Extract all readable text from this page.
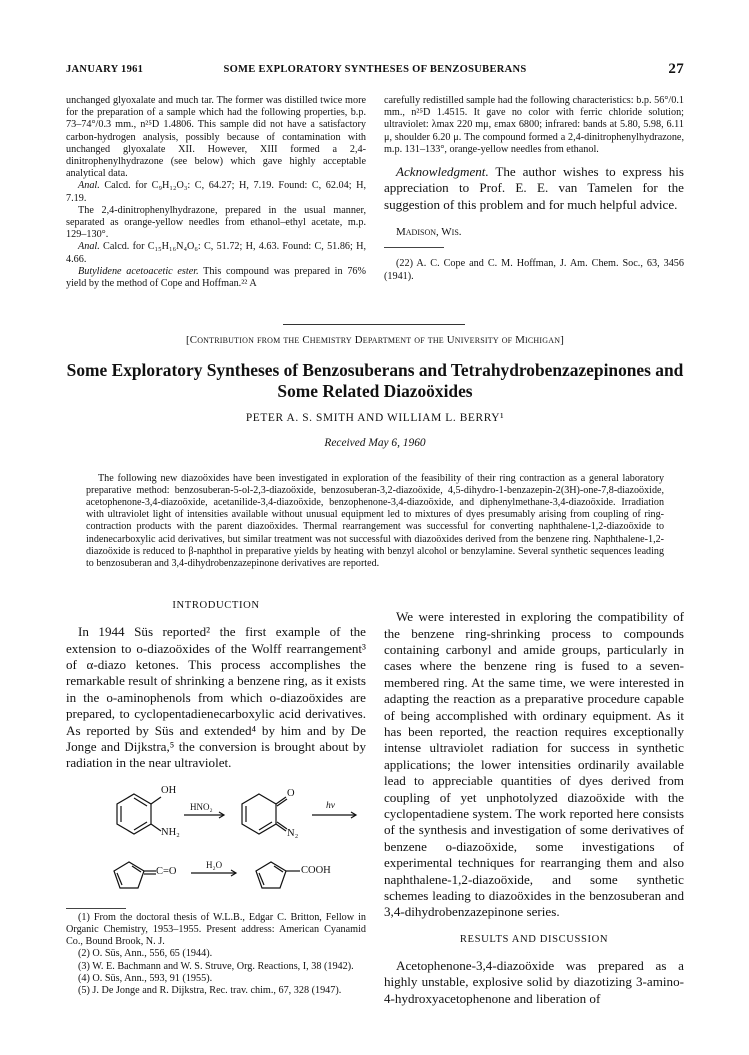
JANUARY 1961	SOME EXPLORATORY SYNTHESES OF BENZOSUBERANS	27

unchanged glyoxalate and much tar. The former was distilled twice more for the preparation of a sample which had the following properties, b.p. 73–74°/0.3 mm., n²⁵D 1.4806. This sample did not have a satisfactory carbon-hydrogen analysis, possibly because of contamination with unchanged glyoxalate XII. However, XIII formed a 2,4-dinitrophenylhydrazone (see below) which gave highly acceptable analytical data.

Anal. Calcd. for C₉H₁₂O₃: C, 64.27; H, 7.19. Found: C, 62.04; H, 7.19.

The 2,4-dinitrophenylhydrazone, prepared in the usual manner, separated as orange-yellow needles from ethanol–ethyl acetate, m.p. 129–130°.

Anal. Calcd. for C₁₅H₁₆N₄O₆: C, 51.72; H, 4.63. Found: C, 51.86; H, 4.66.

Butylidene acetoacetic ester. This compound was prepared in 76% yield by the method of Cope and Hoffman.²² A

carefully redistilled sample had the following characteristics: b.p. 56°/0.1 mm., n²⁵D 1.4515. It gave no color with ferric chloride solution; ultraviolet: λmax 220 mμ, εmax 6800; infrared: bands at 5.80, 5.98, 6.11 μ, shoulder 6.20 μ. The compound formed a 2,4-dinitrophenylhydrazone, m.p. 131–133°, orange-yellow needles from ethanol.

Acknowledgment. The author wishes to express his appreciation to Prof. E. E. van Tamelen for the suggestion of this problem and for much helpful advice.

Madison, Wis.

(22) A. C. Cope and C. M. Hoffman, J. Am. Chem. Soc., 63, 3456 (1941).

[Contribution from the Chemistry Department of the University of Michigan]
Some Exploratory Syntheses of Benzosuberans and Tetrahydrobenzazepinones and Some Related Diazoöxides
PETER A. S. SMITH AND WILLIAM L. BERRY¹
Received May 6, 1960

The following new diazoöxides have been investigated in exploration of the feasibility of their ring contraction as a general laboratory preparative method: benzosuberan-5-ol-2,3-diazoöxide, benzosuberan-3,2-diazoöxide, 4,5-dihydro-1-benzazepin-2(3H)-one-7,8-diazoöxide, acetophenone-3,4-diazoöxide, acetanilide-3,4-diazoöxide, benzophenone-3,4-diazoöxide, and diphenylmethane-3,4-diazoöxide. Irradiation with ultraviolet light of intensities available without unusual equipment led to mixtures of dyes presumably arising from coupling of ring-contraction products with the parent diazoöxides. Thermal rearrangement was successful for converting naphthalene-1,2-diazoöxide to indenecarboxylic acid derivatives, but similar treatment was not successful with diazoöxides derived from the benzene ring. Naphthalene-1,2-diazoöxide is reduced to β-naphthol in preparative yields by heating with benzyl alcohol or benzylamine. Several synthetic sequences leading to benzosuberan and 3,4-dihydrobenzazepinone derivatives are reported.

INTRODUCTION

In 1944 Süs reported² the first example of the extension to o-diazoöxides of the Wolff rearrangement³ of α-diazo ketones. This process accomplishes the remarkable result of shrinking a benzene ring, as it exists in the o-aminophenols from which o-diazoöxides are prepared, to cyclopentadienecarboxylic acid derivatives. As reported by Süs and extended⁴ by him and by De Jonge and Dijkstra,⁵ the conversion is brought about by radiation in the near ultraviolet.

OH
NH₂
HNO₂
O
N₂
hν
C=O
H₂O	COOH

(1) From the doctoral thesis of W.L.B., Edgar C. Britton, Fellow in Organic Chemistry, 1953–1955. Present address: American Cyanamid Co., Bound Brook, N. J.

(2) O. Süs, Ann., 556, 65 (1944).

(3) W. E. Bachmann and W. S. Struve, Org. Reactions, I, 38 (1942).

(4) O. Süs, Ann., 593, 91 (1955).

(5) J. De Jonge and R. Dijkstra, Rec. trav. chim., 67, 328 (1947).

We were interested in exploring the compatibility of the benzene ring-shrinking process to compounds containing carbonyl and amide groups, particularly in cases where the benzene ring is fused to a seven-membered ring. At the same time, we were interested in adapting the reaction as a preparative procedure capable of being accomplished with ordinary equipment. As it has been reported, the reaction requires exceptionally intense ultraviolet radiation for success in synthetic applications; the lower intensities ordinarily available lead to appreciable quantities of dyes derived from coupling of yet unphotolyzed diazoöxide with the cyclopentadiene system. The work reported here consists of the synthesis and investigation of some derivatives of benzene o-diazoöxide, some investigations of experimental techniques for rearranging them and also naphthalene-1,2-diazoöxide, and some synthetic schemes leading to diazoöxides in the benzosuberan and 3,4-dihydrobenzazepinone series.

RESULTS AND DISCUSSION

Acetophenone-3,4-diazoöxide was prepared as a highly unstable, explosive solid by diazotizing 3-amino-4-hydroxyacetophenone and liberation of
